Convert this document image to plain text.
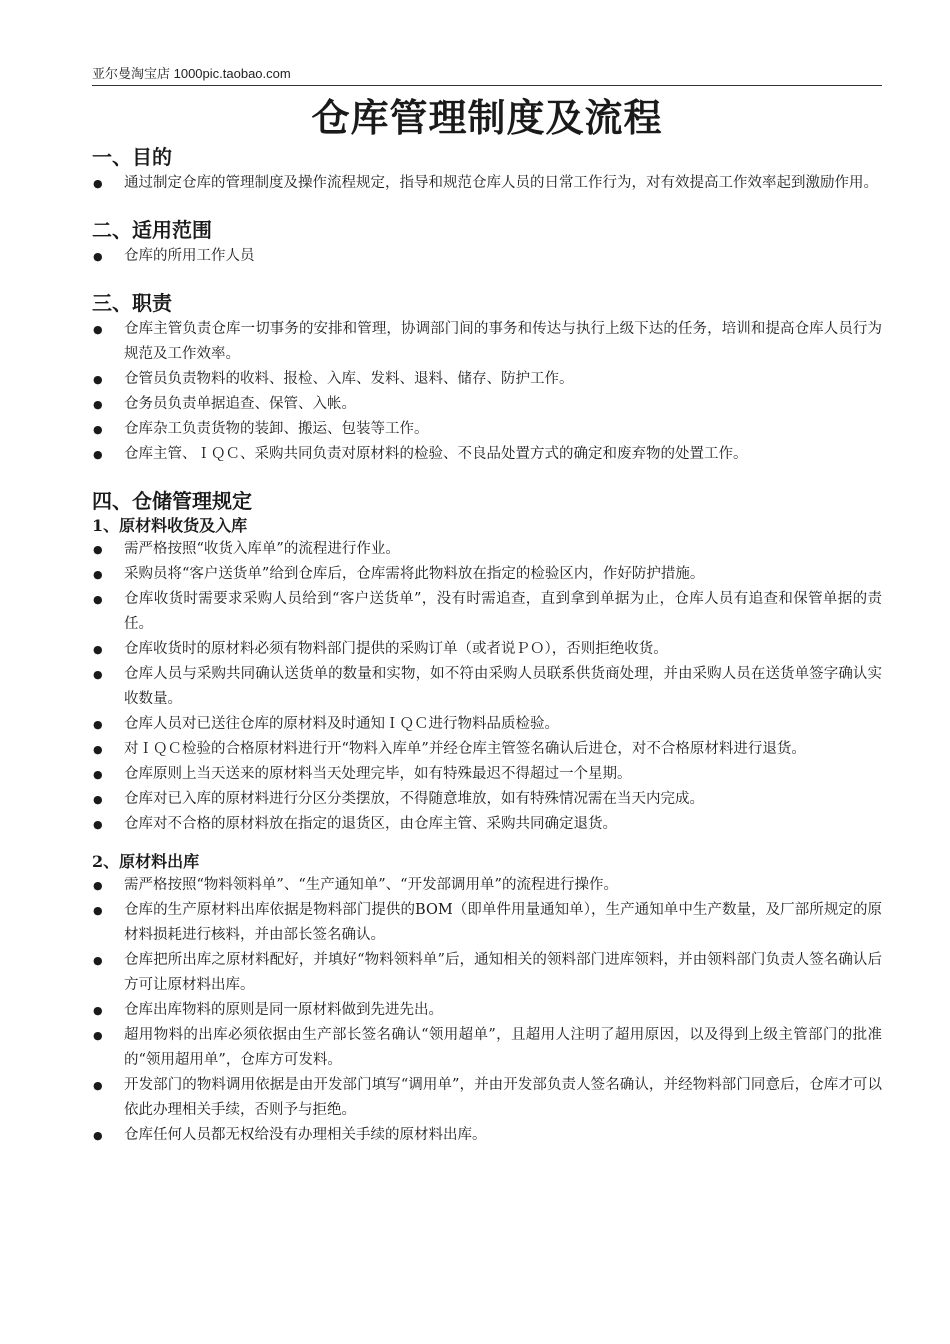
亚尔曼淘宝店 1000pic.taobao.com
仓库管理制度及流程
一、目的
● 通过制定仓库的管理制度及操作流程规定，指导和规范仓库人员的日常工作行为，对有效提高工作效率起到激励作用。
二、适用范围
● 仓库的所用工作人员
三、职责
● 仓库主管负责仓库一切事务的安排和管理，协调部门间的事务和传达与执行上级下达的任务，培训和提高仓库人员行为规范及工作效率。
● 仓管员负责物料的收料、报检、入库、发料、退料、储存、防护工作。
● 仓务员负责单据追查、保管、入帐。
● 仓库杂工负责货物的装卸、搬运、包装等工作。
● 仓库主管、ＩＱＣ、采购共同负责对原材料的检验、不良品处置方式的确定和废弃物的处置工作。
四、仓储管理规定
1、原材料收货及入库
● 需严格按照“收货入库单”的流程进行作业。
● 采购员将“客户送货单”给到仓库后，仓库需将此物料放在指定的检验区内，作好防护措施。
● 仓库收货时需要求采购人员给到“客户送货单”，没有时需追查，直到拿到单据为止，仓库人员有追查和保管单据的责任。
● 仓库收货时的原材料必须有物料部门提供的采购订单（或者说ＰＯ），否则拒绝收货。
● 仓库人员与采购共同确认送货单的数量和实物，如不符由采购人员联系供货商处理，并由采购人员在送货单签字确认实收数量。
● 仓库人员对已送往仓库的原材料及时通知ＩＱＣ进行物料品质检验。
● 对ＩＱＣ检验的合格原材料进行开“物料入库单”并经仓库主管签名确认后进仓，对不合格原材料进行退货。
● 仓库原则上当天送来的原材料当天处理完毕，如有特殊最迟不得超过一个星期。
● 仓库对已入库的原材料进行分区分类摆放，不得随意堆放，如有特殊情况需在当天内完成。
● 仓库对不合格的原材料放在指定的退货区，由仓库主管、采购共同确定退货。
2、原材料出库
● 需严格按照“物料领料单”、“生产通知单”、“开发部调用单”的流程进行操作。
● 仓库的生产原材料出库依据是物料部门提供的BOM（即单件用量通知单），生产通知单中生产数量，及厂部所规定的原材料损耗进行核料，并由部长签名确认。
● 仓库把所出库之原材料配好，并填好“物料领料单”后，通知相关的领料部门进库领料，并由领料部门负责人签名确认后方可让原材料出库。
● 仓库出库物料的原则是同一原材料做到先进先出。
● 超用物料的出库必须依据由生产部长签名确认“领用超单”，且超用人注明了超用原因，以及得到上级主管部门的批准的“领用超用单”，仓库方可发料。
● 开发部门的物料调用依据是由开发部门填写“调用单”，并由开发部负责人签名确认，并经物料部门同意后，仓库才可以依此办理相关手续，否则予与拒绝。
● 仓库任何人员都无权给没有办理相关手续的原材料出库。
